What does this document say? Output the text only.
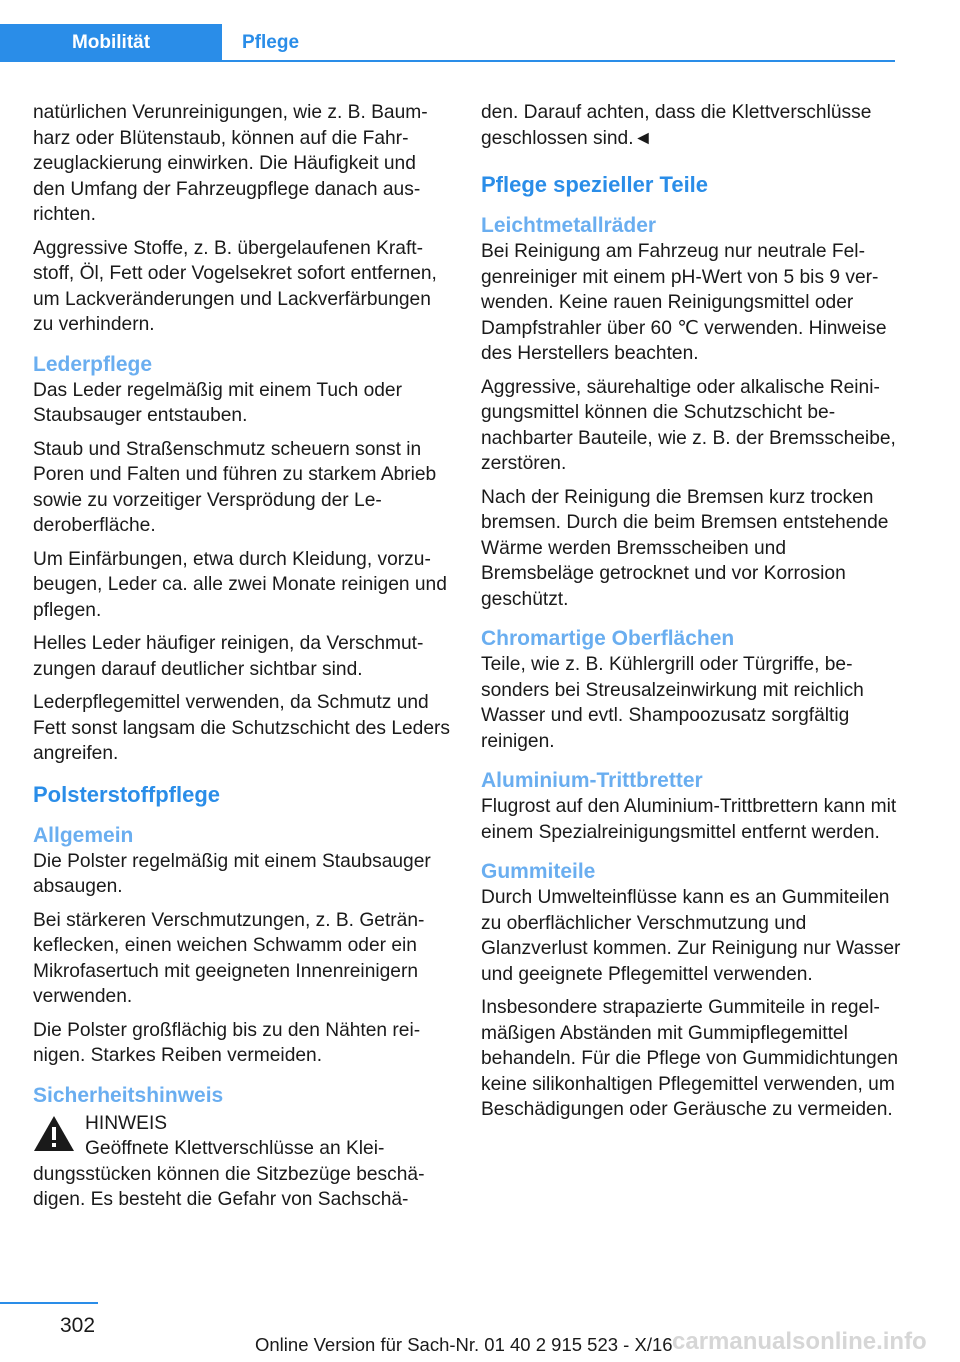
Mobilität	Pflege

natürlichen Verunreinigungen, wie z. B. Baumharz oder Blütenstaub, können auf die Fahrzeuglackierung einwirken. Die Häufigkeit und den Umfang der Fahrzeugpflege danach ausrichten.

Aggressive Stoffe, z. B. übergelaufenen Kraftstoff, Öl, Fett oder Vogelsekret sofort entfernen, um Lackveränderungen und Lackverfärbungen zu verhindern.

Lederpflege

Das Leder regelmäßig mit einem Tuch oder Staubsauger entstauben.

Staub und Straßenschmutz scheuern sonst in Poren und Falten und führen zu starkem Abrieb sowie zu vorzeitiger Versprödung der Lederoberfläche.

Um Einfärbungen, etwa durch Kleidung, vorzubeugen, Leder ca. alle zwei Monate reinigen und pflegen.

Helles Leder häufiger reinigen, da Verschmutzungen darauf deutlicher sichtbar sind.

Lederpflegemittel verwenden, da Schmutz und Fett sonst langsam die Schutzschicht des Leders angreifen.

Polsterstoffpflege
Allgemein

Die Polster regelmäßig mit einem Staubsauger absaugen.

Bei stärkeren Verschmutzungen, z. B. Getränkeflecken, einen weichen Schwamm oder ein Mikrofasertuch mit geeigneten Innenreinigern verwenden.

Die Polster großflächig bis zu den Nähten reinigen. Starkes Reiben vermeiden.

Sicherheitshinweis

HINWEIS

Geöffnete Klettverschlüsse an Kleidungsstücken können die Sitzbezüge beschädigen. Es besteht die Gefahr von Sachschä-

den. Darauf achten, dass die Klettverschlüsse geschlossen sind.◄

Pflege spezieller Teile
Leichtmetallräder

Bei Reinigung am Fahrzeug nur neutrale Felgenreiniger mit einem pH-Wert von 5 bis 9 verwenden. Keine rauen Reinigungsmittel oder Dampfstrahler über 60 ℃ verwenden. Hinweise des Herstellers beachten.

Aggressive, säurehaltige oder alkalische Reinigungsmittel können die Schutzschicht benachbarter Bauteile, wie z. B. der Bremsscheibe, zerstören.

Nach der Reinigung die Bremsen kurz trocken bremsen. Durch die beim Bremsen entstehende Wärme werden Bremsscheiben und Bremsbeläge getrocknet und vor Korrosion geschützt.

Chromartige Oberflächen

Teile, wie z. B. Kühlergrill oder Türgriffe, besonders bei Streusalzeinwirkung mit reichlich Wasser und evtl. Shampoozusatz sorgfältig reinigen.

Aluminium-Trittbretter

Flugrost auf den Aluminium-Trittbrettern kann mit einem Spezialreinigungsmittel entfernt werden.

Gummiteile

Durch Umwelteinflüsse kann es an Gummiteilen zu oberflächlicher Verschmutzung und Glanzverlust kommen. Zur Reinigung nur Wasser und geeignete Pflegemittel verwenden.

Insbesondere strapazierte Gummiteile in regelmäßigen Abständen mit Gummipflegemittel behandeln. Für die Pflege von Gummidichtungen keine silikonhaltigen Pflegemittel verwenden, um Beschädigungen oder Geräusche zu vermeiden.

302
Online Version für Sach-Nr. 01 40 2 915 523 - X/16 carmanualsonline.info
